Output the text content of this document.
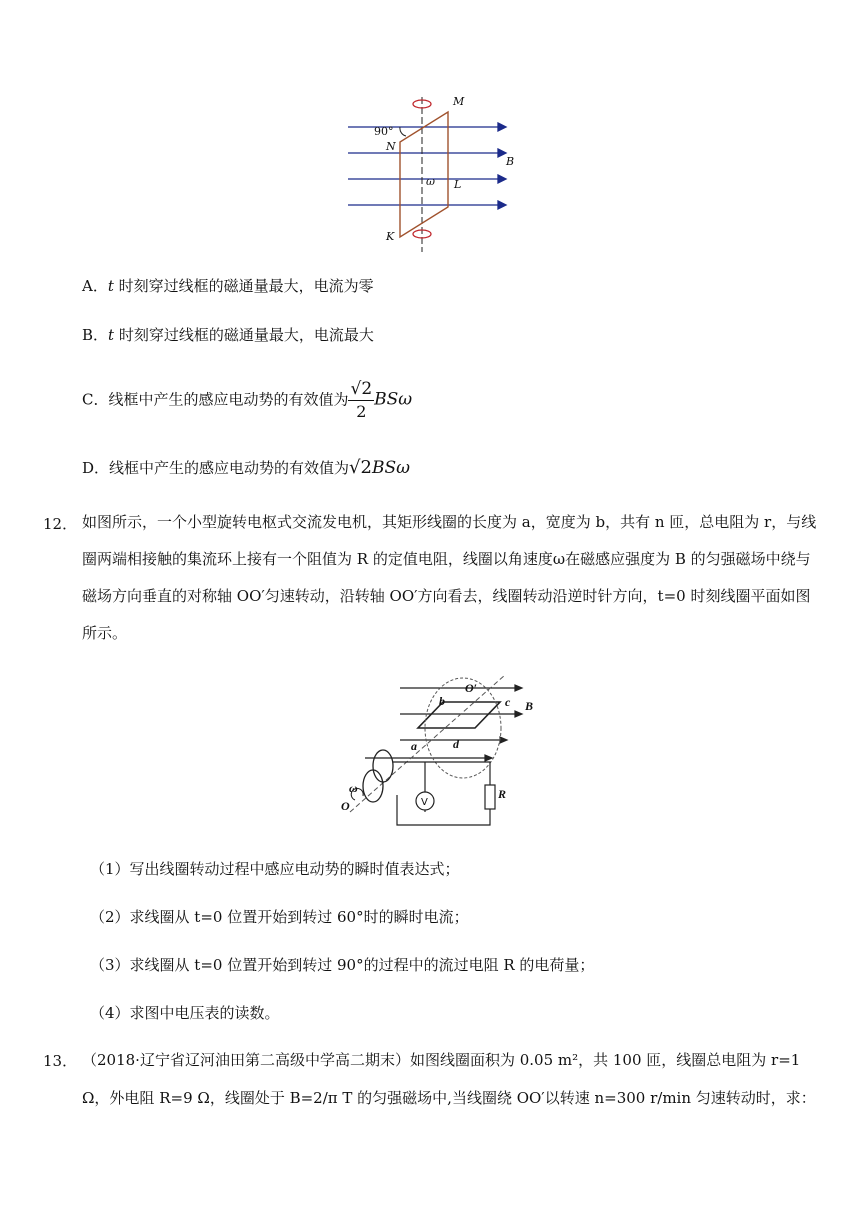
90°
M
N
B
ω L
K
A．t 时刻穿过线框的磁通量最大，电流为零
B．t 时刻穿过线框的磁通量最大，电流最大
C．线框中产生的感应电动势的有效值为 $\frac{√2}{2}$ BSω
D．线框中产生的感应电动势的有效值为√2BSω
12． 如图所示，一个小型旋转电枢式交流发电机，其矩形线圈的长度为 a，宽度为 b，共有 n 匝，总电阻为 r，与线
圈两端相接触的集流环上接有一个阻值为 R 的定值电阻，线圈以角速度ω在磁感应强度为 B 的匀强磁场中绕与
磁场方向垂直的对称轴 OO′匀速转动，沿转轴 OO′方向看去，线圈转动沿逆时针方向，t=0 时刻线圈平面如图
所示。
O′
B
a
b	c
d
ω
O
R
V
（1）写出线圈转动过程中感应电动势的瞬时值表达式；
（2）求线圈从 t=0 位置开始到转过 60°时的瞬时电流；
（3）求线圈从 t=0 位置开始到转过 90°的过程中的流过电阻 R 的电荷量；
（4）求图中电压表的读数。
13． （2018·辽宁省辽河油田第二高级中学高二期末）如图线圈面积为 0.05 m²，共 100 匝，线圈总电阻为 r=1
Ω，外电阻 R=9 Ω，线圈处于 B=2/π T 的匀强磁场中,当线圈绕 OO′以转速 n=300 r/min 匀速转动时，求：
